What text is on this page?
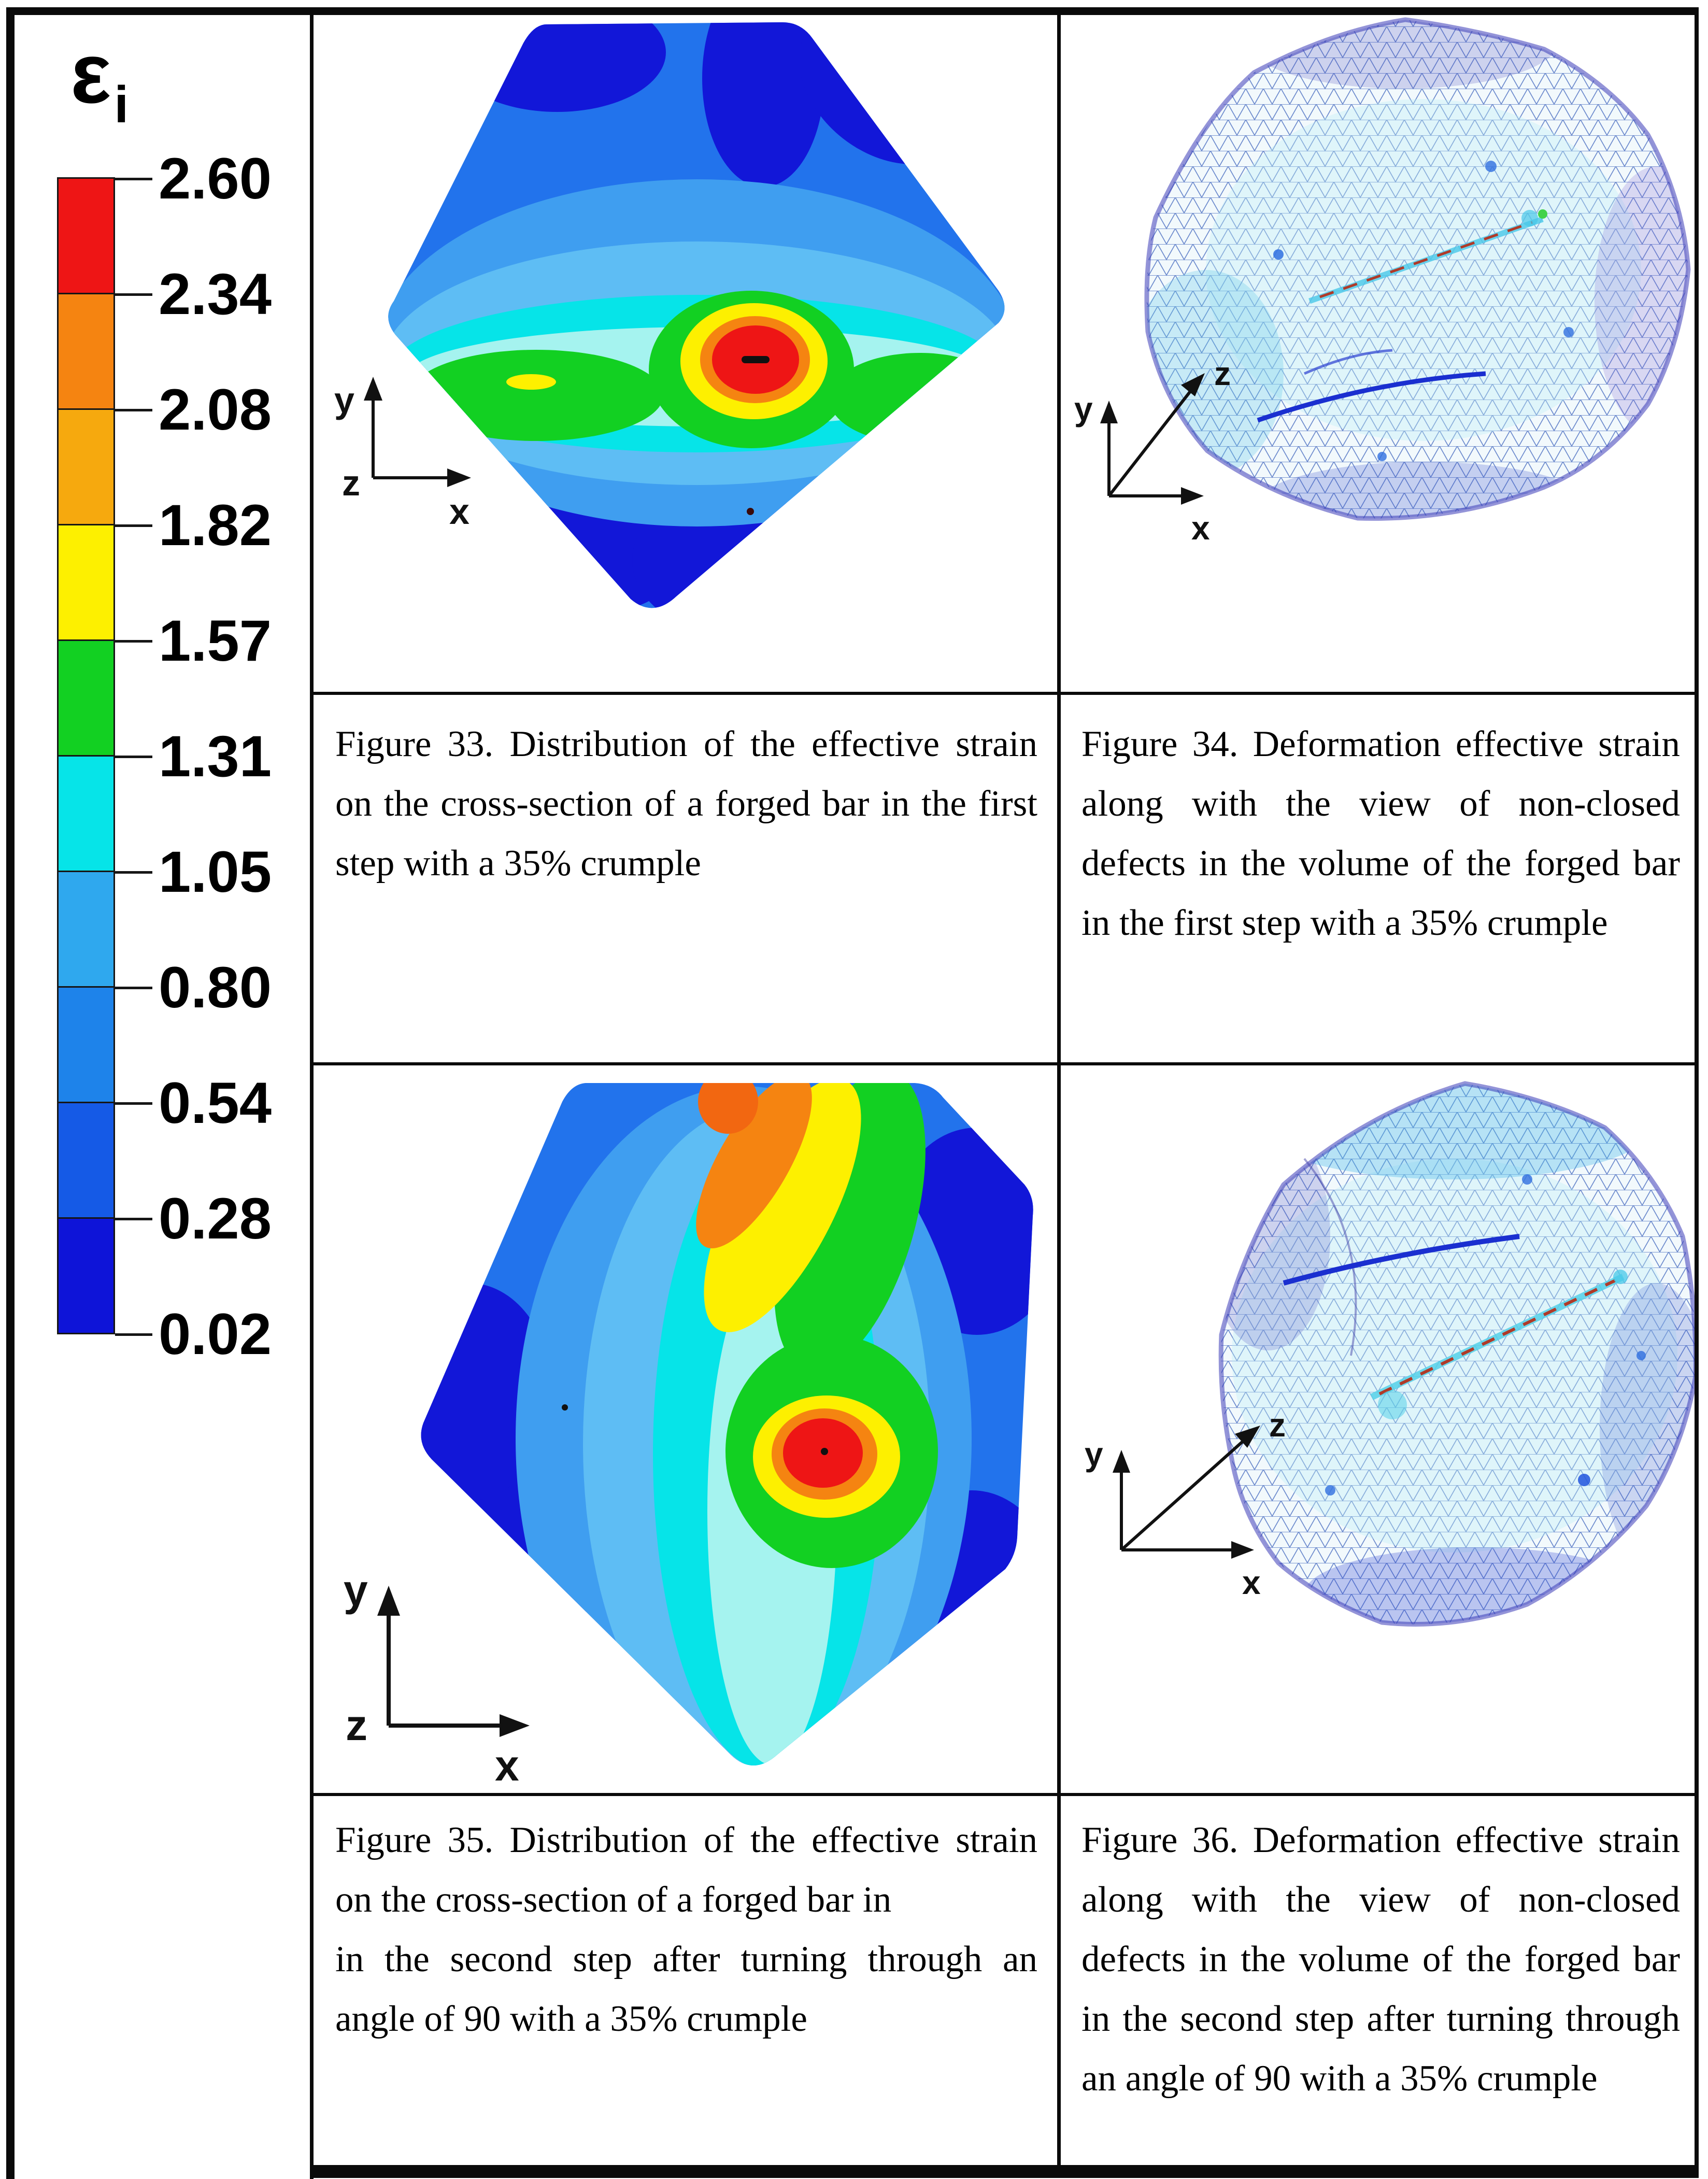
εi
2.60
2.34
2.08
1.82
1.57
1.31
1.05
0.80
0.54
0.28
0.02
y
z
x
y
z
x
y
z
x
y
z
x

Figure 33. Distribution of the effective strain on the cross-section of a forged bar in the first step with a 35% crumple

Figure 34. Deformation effective strain along with the view of non-closed defects in the volume of the forged bar in the first step with a 35% crumple

Figure 35. Distribution of the effective strain on the cross-section of a forged bar in

in the second step after turning through an angle of 90 with a 35% crumple

Figure 36. Deformation effective strain along with the view of non-closed defects in the volume of the forged bar in the second step after turning through an angle of 90 with a 35% crumple
